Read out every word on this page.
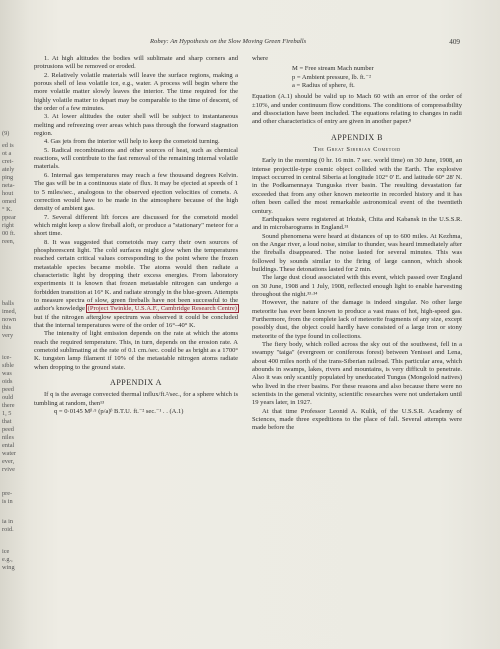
(9)
ed is
ot a
cret-
ately
ping
neta-
hout
omed
° K.
ppear
right
00 ft.
reen,
balls
imed,
nown
this
very
ice-
sible
was
oids
peed
ould
there
1, 5
that
peed
niles
ental
water
ever,
rvive
pre-
is in
ia in
roid.
ice
e.g.,
wing
Robey: An Hypothesis on the Slow Moving Green Fireballs	409

1. At high altitudes the bodies will sublimate and sharp corners and protrusions will be removed or eroded.

2. Relatively volatile materials will leave the surface regions, making a porous shell of less volatile ice, e.g., water. A process will begin where the more volatile matter slowly leaves the interior. The time required for the highly volatile matter to depart may be comparable to the time of descent, of the order of a few minutes.

3. At lower altitudes the outer shell will be subject to instantaneous melting and refreezing over areas which pass through the forward stagnation region.

4. Gas jets from the interior will help to keep the cometoid turning.

5. Radical recombinations and other sources of heat, such as chemical reactions, will contribute to the fast removal of the remaining internal volatile materials.

6. Internal gas temperatures may reach a few thousand degrees Kelvin. The gas will be in a continuous state of flux. It may be ejected at speeds of 1 to 5 miles/sec., analogous to the observed ejection velocities of comets. A correction would have to be made in the atmosphere because of the high density of ambient gas.

7. Several different lift forces are discussed for the cometoid model which might keep a slow fireball aloft, or produce a "stationary" meteor for a short time.

8. It was suggested that cometoids may carry their own sources of phosphorescent light. The cold surfaces might glow when the temperatures reached certain critical values corresponding to the point where the frozen metastable species became mobile. The atoms would then radiate a characteristic light by dropping their excess energies. From laboratory experiments it is known that frozen metastable nitrogen can undergo a forbidden transition at 16° K. and radiate strongly in the blue-green. Attempts to measure spectra of slow, green fireballs have not been successful to the author's knowledge (Project Twinkle, U.S.A.F., Cambridge Research Centre) but if the nitrogen afterglow spectrum was observed it could be concluded that the internal temperatures were of the order of 16°–40° K.

The intensity of light emission depends on the rate at which the atoms reach the required temperature. This, in turn, depends on the erosion rate. A cometoid sublimating at the rate of 0.1 cm./sec. could be as bright as a 1700° K. tungsten lamp filament if 10% of the metastable nitrogen atoms radiate when dropping to the ground state.

APPENDIX A

If q is the average convected thermal influx/ft.²/sec., for a sphere which is tumbling at random, then¹³

q = 0·0145 Mᵝ·⁵ (p/a)ᵝ B.T.U. ft.⁻² sec.⁻¹ . . (A.1)

where

M = Free stream Mach number
p = Ambient pressure, lb. ft.⁻²
a = Radius of sphere, ft.

Equation (A.1) should be valid up to Mach 60 with an error of the order of ±10%, and under continuum flow conditions. The conditions of compressibility and dissociation have been included. The equations relating to changes in radii and other characteristics of entry are given in another paper.⁸

APPENDIX B
The Great Siberian Cometoid

Early in the morning (0 hr. 16 min. 7 sec. world time) on 30 June, 1908, an intense projectile-type cosmic object collided with the Earth. The explosive impact occurred in central Siberia at longitude 102° 0' E. and latitude 60° 28' N. in the Podkamennaya Tunguska river basin. The resulting devastation far exceeded that from any other known meteorite in recorded history and it has often been called the most remarkable astronomical event of the twentieth century.

Earthquakes were registered at Irkutsk, Chita and Kabansk in the U.S.S.R. and in microbarograms in England.³¹

Sound phenomena were heard at distances of up to 600 miles. At Kezhma, on the Angar river, a loud noise, similar to thunder, was heard immediately after the fireballs disappeared. The noise lasted for several minutes. This was followed by sounds similar to the firing of large cannon, which shook buildings. These detonations lasted for 2 min.

The large dust cloud associated with this event, which passed over England on 30 June, 1908 and 1 July, 1908, reflected enough light to enable harvesting throughout the night.³³·³⁴

However, the nature of the damage is indeed singular. No other large meteorite has ever been known to produce a vast mass of hot, high-speed gas. Furthermore, from the complete lack of meteorite fragments of any size, except possibly dust, the object could hardly have consisted of a large iron or stony meteorite of the type found in collections.

The fiery body, which rolled across the sky out of the southwest, fell in a swampy "taiga" (evergreen or coniferous forest) between Yenissei and Lena, about 400 miles north of the trans-Siberian railroad. This particular area, which abounds in swamps, lakes, rivers and mountains, is very difficult to penetrate. Also it was only scantily populated by uneducated Tungus (Mongoloid natives) who lived in the river basins. For these reasons and also because there were no scientists in the general vicinity, scientific researches were not undertaken until 19 years later, in 1927.

At that time Professor Leonid A. Kulik, of the U.S.S.R. Academy of Sciences, made three expeditions to the place of fall. Several attempts were made before the
